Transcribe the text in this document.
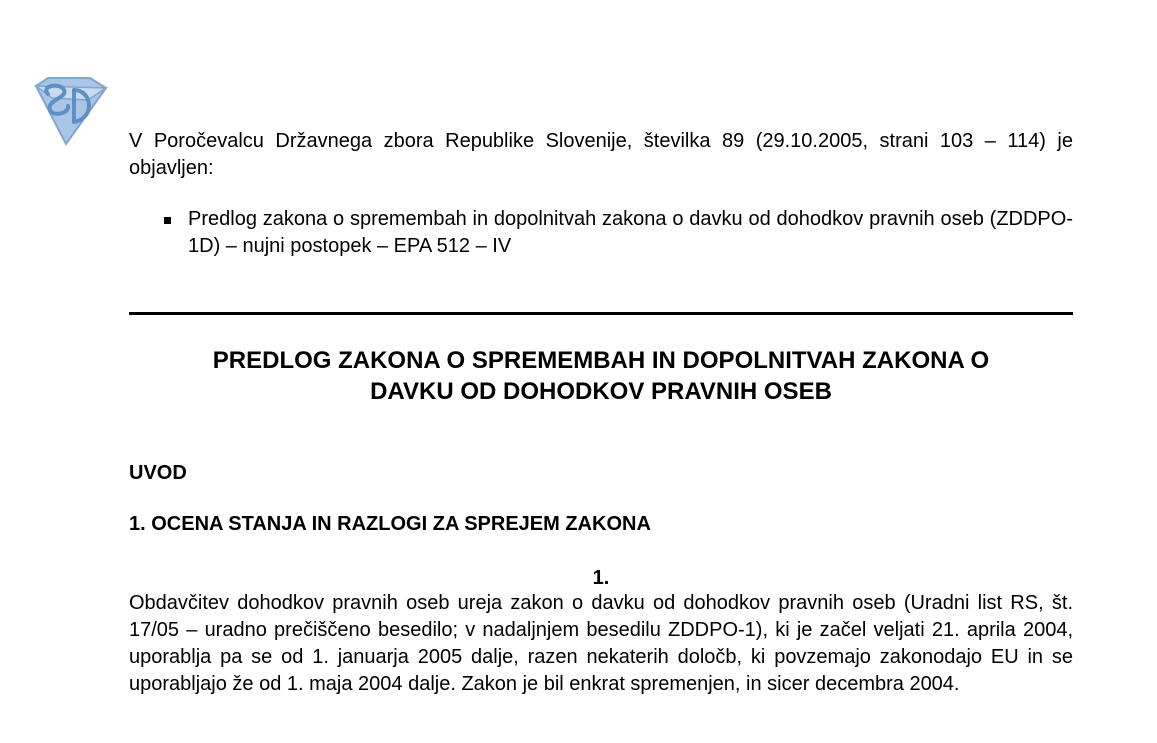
V Poročevalcu Državnega zbora Republike Slovenije, številka 89 (29.10.2005, strani 103 – 114) je objavljen:

Predlog zakona o spremembah in dopolnitvah zakona o davku od dohodkov pravnih oseb (ZDDPO-1D) – nujni postopek – EPA 512 – IV

PREDLOG ZAKONA O SPREMEMBAH IN DOPOLNITVAH ZAKONA O
DAVKU OD DOHODKOV PRAVNIH OSEB
UVOD
1. OCENA STANJA IN RAZLOGI ZA SPREJEM ZAKONA
1.

Obdavčitev dohodkov pravnih oseb ureja zakon o davku od dohodkov pravnih oseb (Uradni list RS, št. 17/05 – uradno prečiščeno besedilo; v nadaljnjem besedilu ZDDPO-1), ki je začel veljati 21. aprila 2004, uporablja pa se od 1. januarja 2005 dalje, razen nekaterih določb, ki povzemajo zakonodajo EU in se uporabljajo že od 1. maja 2004 dalje. Zakon je bil enkrat spremenjen, in sicer decembra 2004.
